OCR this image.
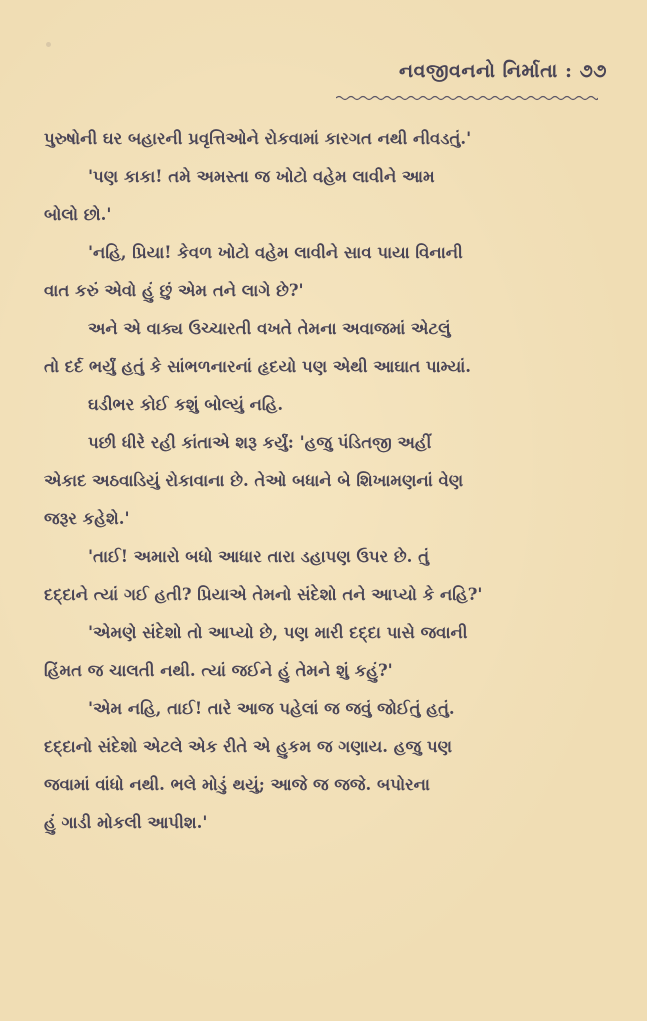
નવજીવનનો નિર્માતા : ૭૭
પુરુષોની ઘર બહારની પ્રવૃત્તિઓને રોકવામાં કારગત નથી નીવડતું.'
'પણ કાકા! તમે અમસ્તા જ ખોટો વહેમ લાવીને આમ
બોલો છો.'
'નહિ, પ્રિયા! કેવળ ખોટો વહેમ લાવીને સાવ પાયા વિનાની
વાત કરું એવો હું છું એમ તને લાગે છે?'
અને એ વાક્ય ઉચ્ચારતી વખતે તેમના અવાજમાં એટલું
તો દર્દ ભર્યું હતું કે સાંભળનારનાં હૃદયો પણ એથી આઘાત પામ્યાં.
ઘડીભર કોઈ કશું બોલ્યું નહિ.
પછી ધીરે રહી કાંતાએ શરૂ કર્યું: 'હજુ પંડિતજી અહીં
એકાદ અઠવાડિયું રોકાવાના છે. તેઓ બધાને બે શિખામણનાં વેણ
જરૂર કહેશે.'
'તાઈ! અમારો બધો આધાર તારા ડહાપણ ઉપર છે. તું
દદ્દાને ત્યાં ગઈ હતી? પ્રિયાએ તેમનો સંદેશો તને આપ્યો કે નહિ?'
'એમણે સંદેશો તો આપ્યો છે, પણ મારી દદ્દા પાસે જવાની
હિંમત જ ચાલતી નથી. ત્યાં જઈને હું તેમને શું કહું?'
'એમ નહિ, તાઈ! તારે આજ પહેલાં જ જવું જોઈતું હતું.
દદ્દાનો સંદેશો એટલે એક રીતે એ હુકમ જ ગણાય. હજુ પણ
જવામાં વાંધો નથી. ભલે મોડું થયું; આજે જ જજે. બપોરના
હું ગાડી મોકલી આપીશ.'
